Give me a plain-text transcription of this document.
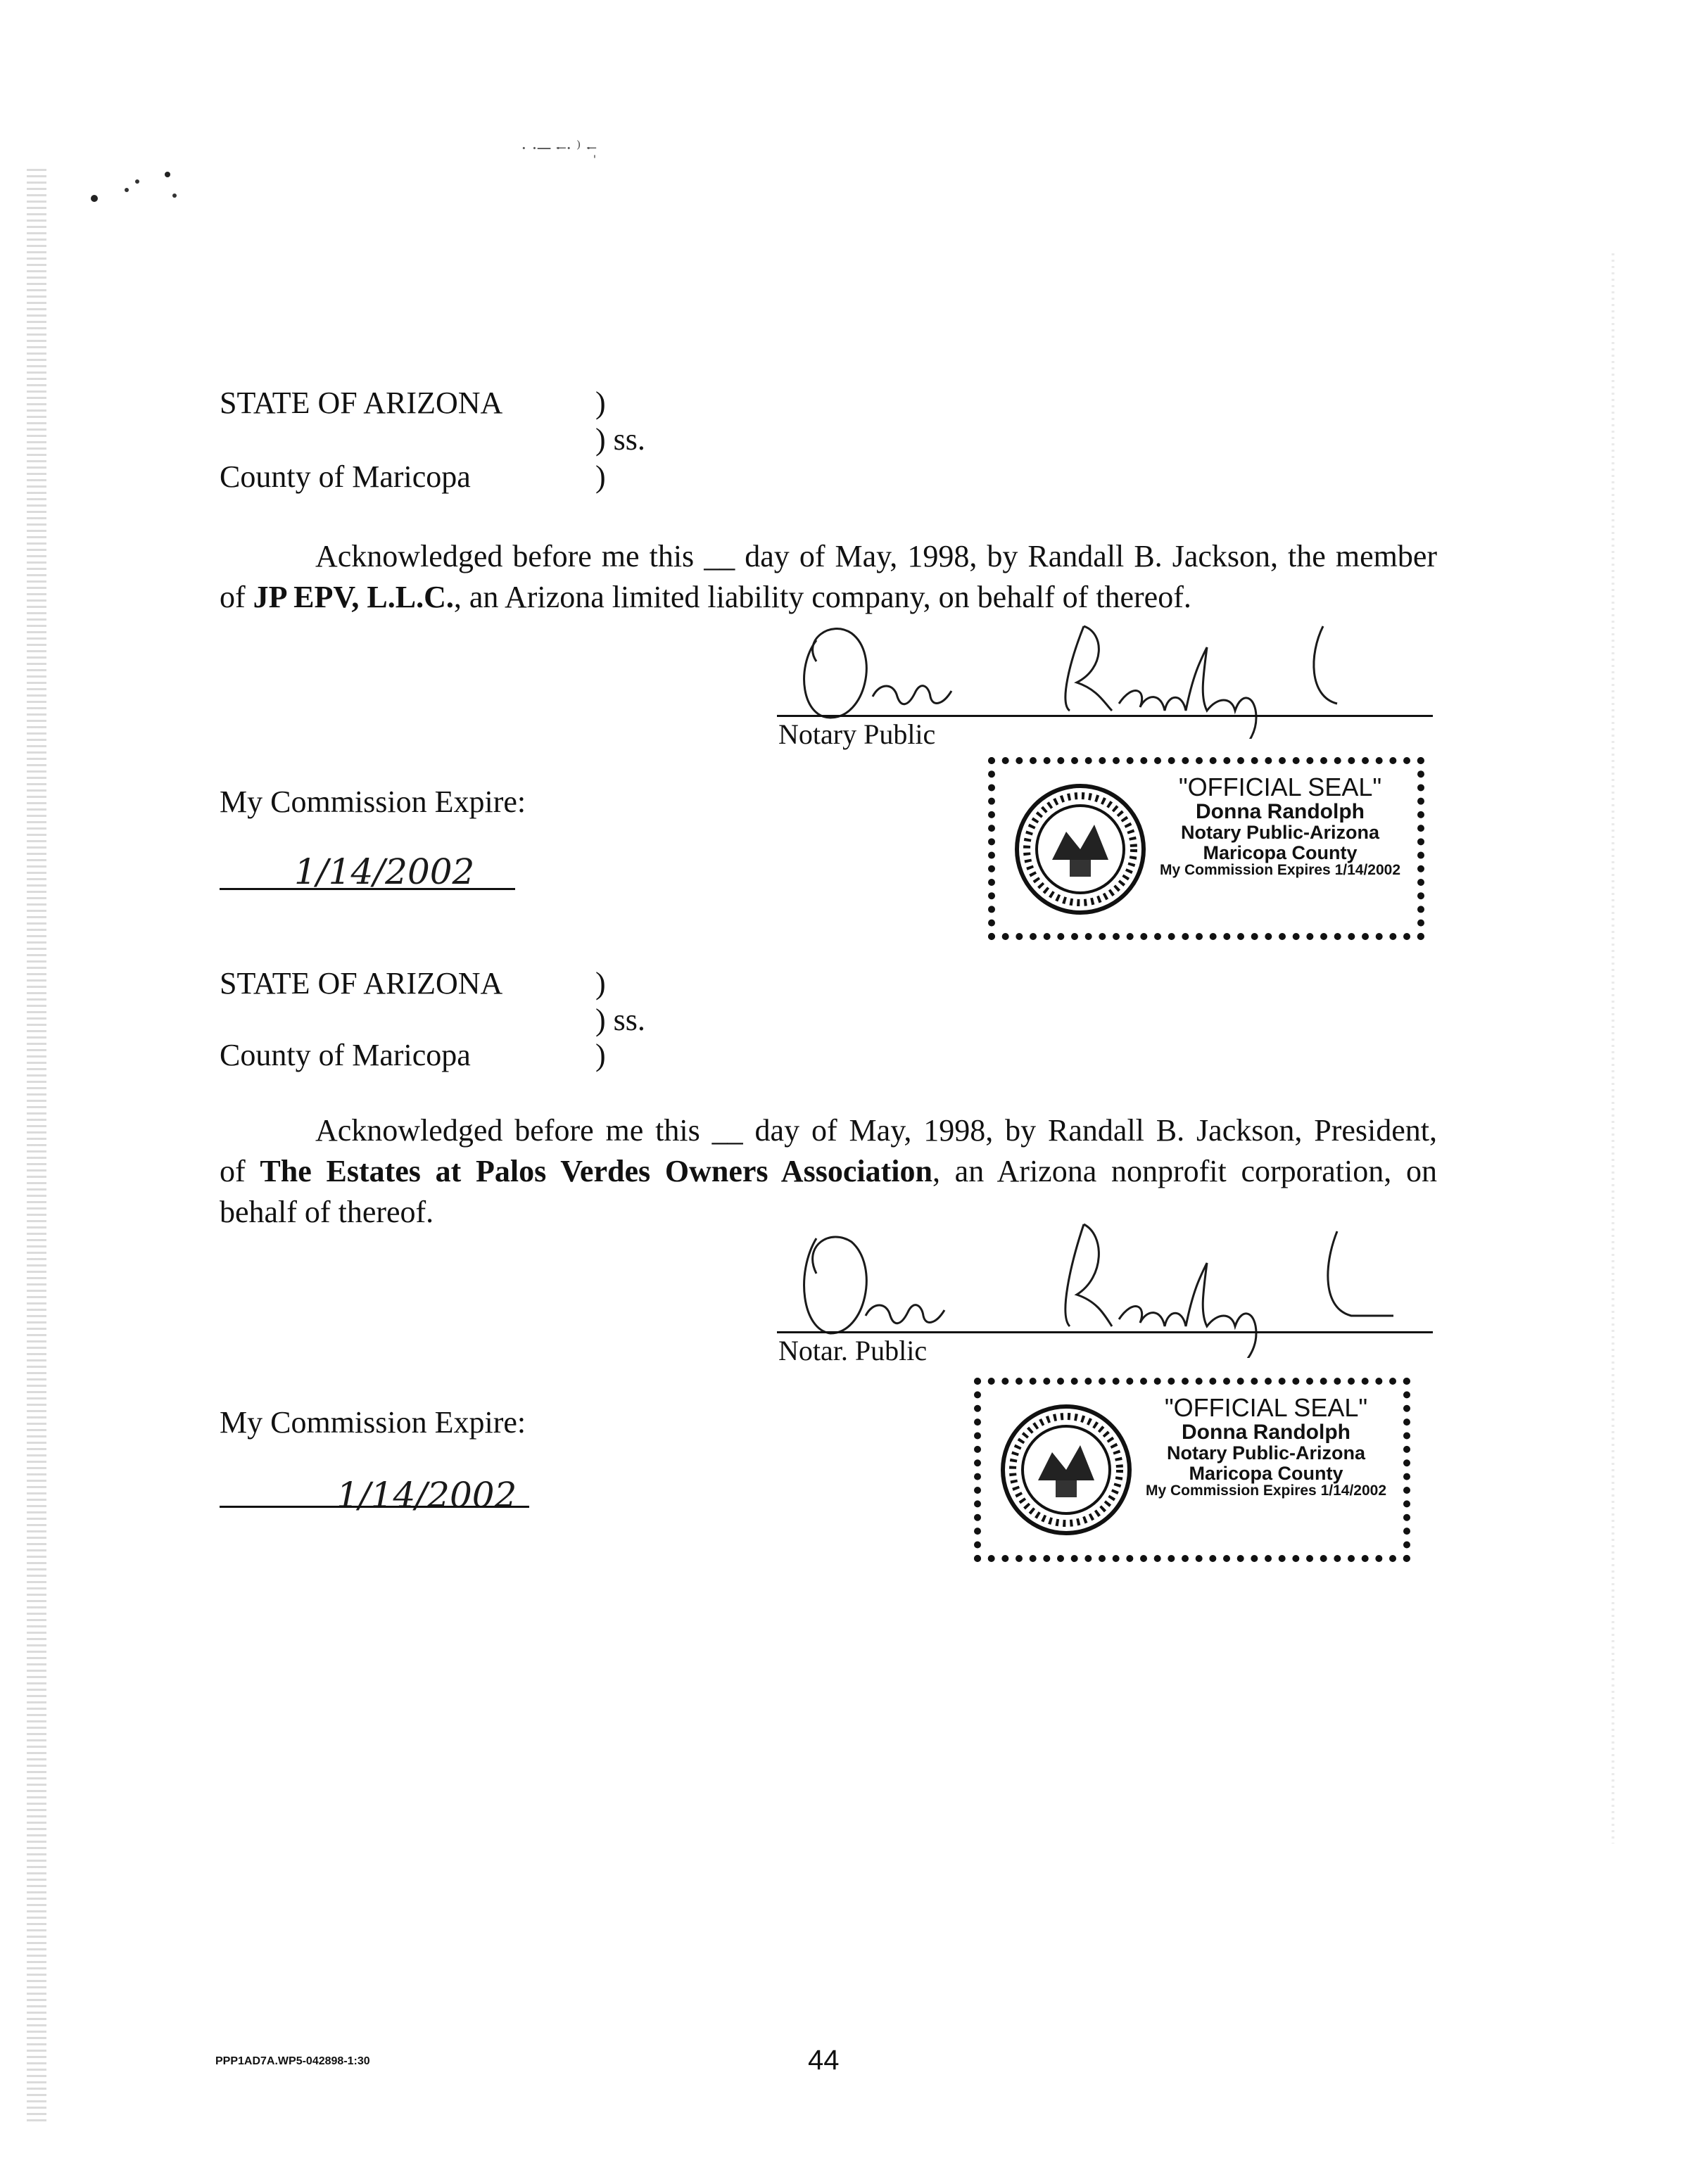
· ·─ ·̶ · ⁾ ·̶ˌ
STATE OF ARIZONA	)
) ss.
County of Maricopa	)
Acknowledged before me this __ day of May, 1998, by Randall B. Jackson, the member
of JP EPV, L.L.C., an Arizona limited liability company, on behalf of thereof.
Notary Public
My Commission Expire:
1/14/2002
"OFFICIAL SEAL"
Donna Randolph
Notary Public-Arizona
Maricopa County
My Commission Expires 1/14/2002
STATE OF ARIZONA	)
) ss.
County of Maricopa	)
Acknowledged before me this __ day of May, 1998, by Randall B. Jackson, President,
of The Estates at Palos Verdes Owners Association, an Arizona nonprofit corporation, on
behalf of thereof.
Notar. Public
My Commission Expire:
1/14/2002
"OFFICIAL SEAL"
Donna Randolph
Notary Public-Arizona
Maricopa County
My Commission Expires 1/14/2002
PPP1AD7A.WP5-042898-1:30	44
